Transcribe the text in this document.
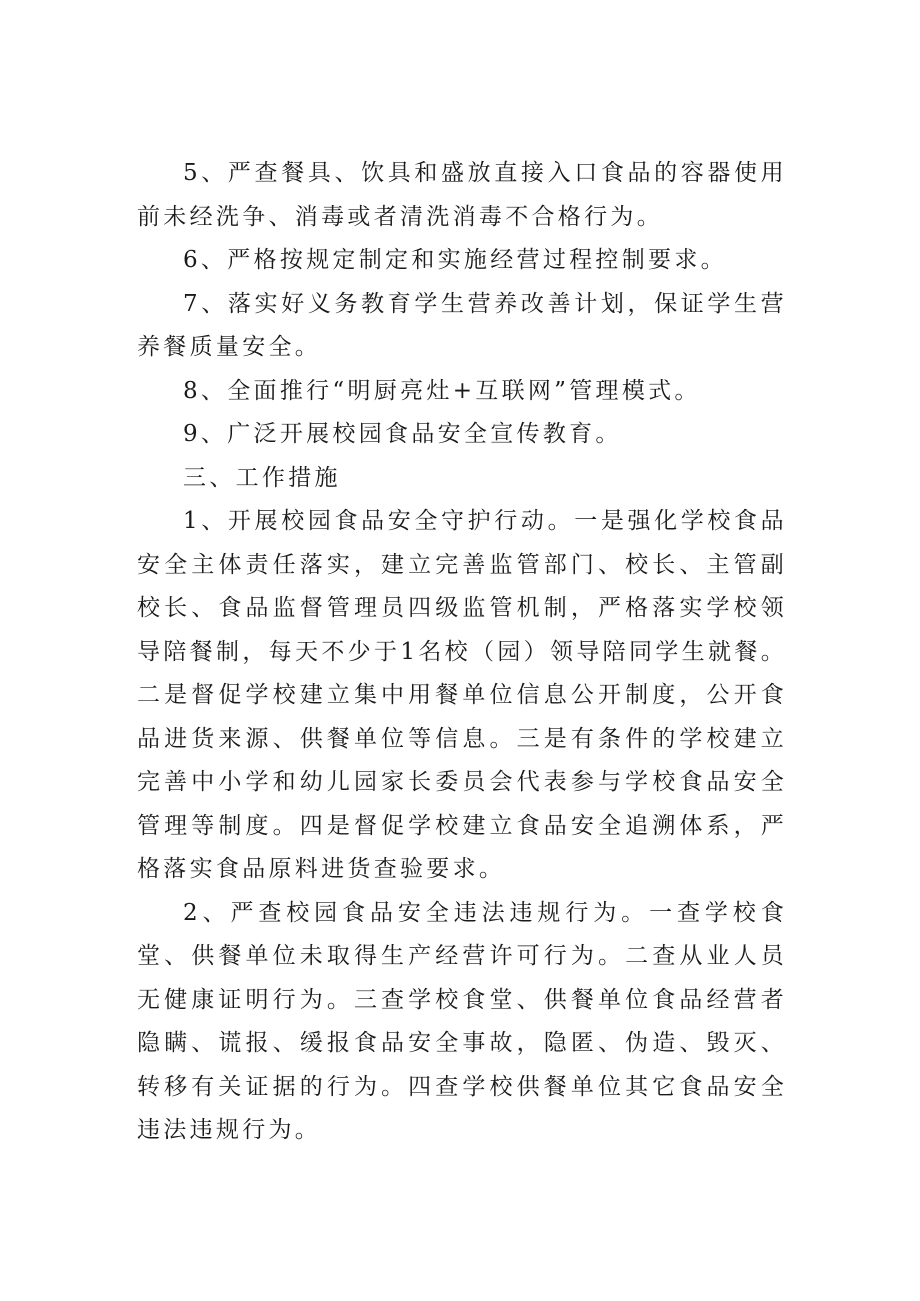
5、严查餐具、饮具和盛放直接入口食品的容器使用前未经洗争、消毒或者清洗消毒不合格行为。

6、严格按规定制定和实施经营过程控制要求。

7、落实好义务教育学生营养改善计划，保证学生营养餐质量安全。

8、全面推行“明厨亮灶+互联网”管理模式。

9、广泛开展校园食品安全宣传教育。

三、工作措施

1、开展校园食品安全守护行动。一是强化学校食品安全主体责任落实，建立完善监管部门、校长、主管副校长、食品监督管理员四级监管机制，严格落实学校领导陪餐制，每天不少于1名校（园）领导陪同学生就餐。二是督促学校建立集中用餐单位信息公开制度，公开食品进货来源、供餐单位等信息。三是有条件的学校建立完善中小学和幼儿园家长委员会代表参与学校食品安全管理等制度。四是督促学校建立食品安全追溯体系，严格落实食品原料进货查验要求。

2、严查校园食品安全违法违规行为。一查学校食堂、供餐单位未取得生产经营许可行为。二查从业人员无健康证明行为。三查学校食堂、供餐单位食品经营者隐瞒、谎报、缓报食品安全事故，隐匿、伪造、毁灭、转移有关证据的行为。四查学校供餐单位其它食品安全违法违规行为。
